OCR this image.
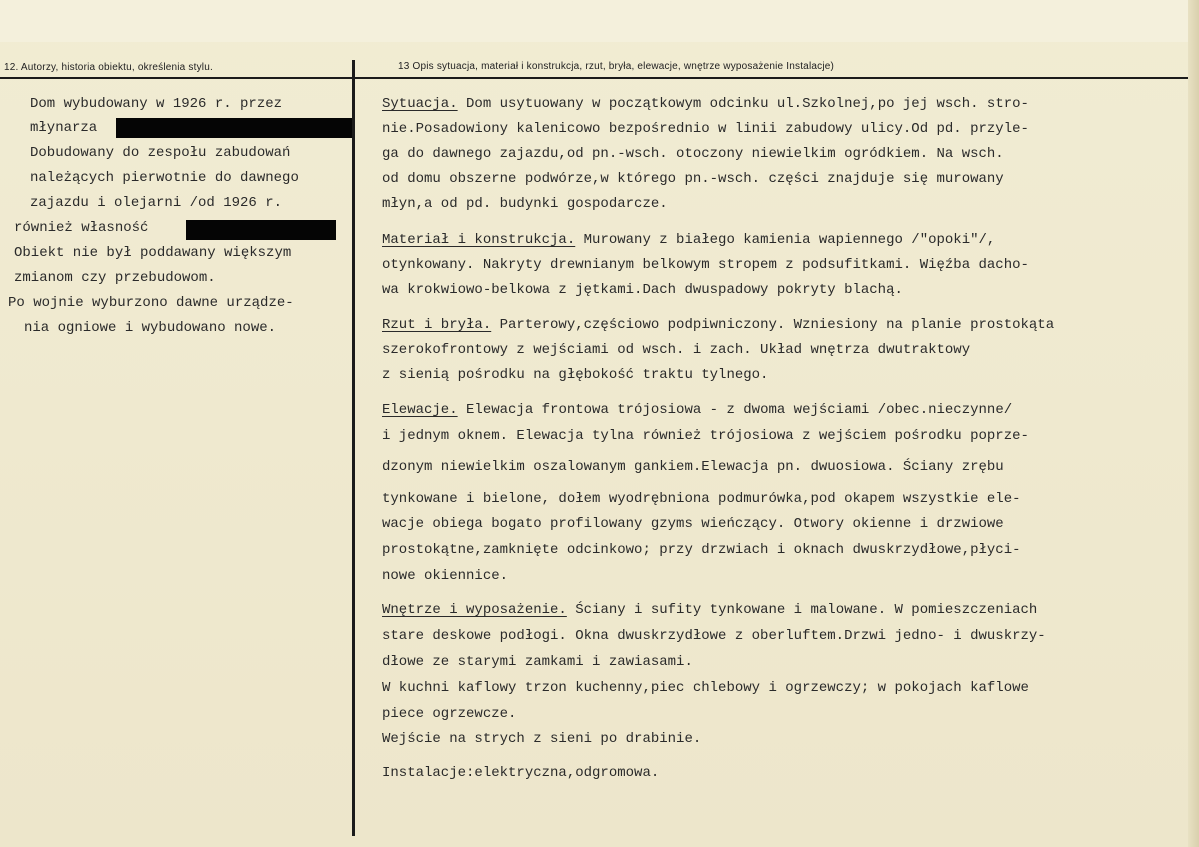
12. Autorzy, historia obiektu, określenia stylu.	13 Opis sytuacja, materiał i konstrukcja, rzut, bryła, elewacje, wnętrze wyposażenie Instalacje)
Dom wybudowany w 1926 r. przez
młynarza
Dobudowany do zespołu zabudowań
należących pierwotnie do dawnego
zajazdu i olejarni /od 1926 r.
również własność
Obiekt nie był poddawany większym
zmianom czy przebudowom.
Po wojnie wyburzono dawne urządze-
nia ogniowe i wybudowano nowe.
Sytuacja. Dom usytuowany w początkowym odcinku ul.Szkolnej,po jej wsch. stro-
nie.Posadowiony kalenicowo bezpośrednio w linii zabudowy ulicy.Od pd. przyle-
ga do dawnego zajazdu,od pn.-wsch. otoczony niewielkim ogródkiem. Na wsch.
od domu obszerne podwórze,w którego pn.-wsch. części znajduje się murowany
młyn,a od pd. budynki gospodarcze.
Materiał i konstrukcja. Murowany z białego kamienia wapiennego /"opoki"/,
otynkowany. Nakryty drewnianym belkowym stropem z podsufitkami. Więźba dacho-
wa krokwiowo-belkowa z jętkami.Dach dwuspadowy pokryty blachą.
Rzut i bryła. Parterowy,częściowo podpiwniczony. Wzniesiony na planie prostokąta
szerokofrontowy z wejściami od wsch. i zach. Układ wnętrza dwutraktowy
z sienią pośrodku na głębokość traktu tylnego.
Elewacje. Elewacja frontowa trójosiowa - z dwoma wejściami /obec.nieczynne/
i jednym oknem. Elewacja tylna również trójosiowa z wejściem pośrodku poprze-
dzonym niewielkim oszalowanym gankiem.Elewacja pn. dwuosiowa. Ściany zrębu
tynkowane i bielone, dołem wyodrębniona podmurówka,pod okapem wszystkie ele-
wacje obiega bogato profilowany gzyms wieńczący. Otwory okienne i drzwiowe
prostokątne,zamknięte odcinkowo; przy drzwiach i oknach dwuskrzydłowe,płyci-
nowe okiennice.
Wnętrze i wyposażenie. Ściany i sufity tynkowane i malowane. W pomieszczeniach
stare deskowe podłogi. Okna dwuskrzydłowe z oberluftem.Drzwi jedno- i dwuskrzy-
dłowe ze starymi zamkami i zawiasami.
W kuchni kaflowy trzon kuchenny,piec chlebowy i ogrzewczy; w pokojach kaflowe
piece ogrzewcze.
Wejście na strych z sieni po drabinie.
Instalacje:elektryczna,odgromowa.
